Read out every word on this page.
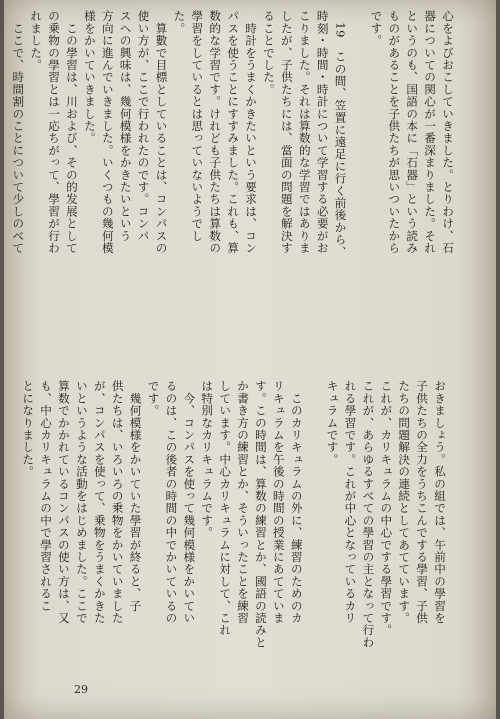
心をよびおこしていきました。とりわけ、石
器についての関心が一番深まりました。それ
というのも、国語の本に「石器」という読み
ものがあることを子供たちが思いついたから
です。

　19　この間、笠置に遠足に行く前後から、
時刻・時間・時計について学習する必要がお
こりました。それは算数的な学習ではありま
したが、子供たちには、當面の問題を解決す
ることでした。
　時計をうまくかきたいという要求は、コン
パスを使うことにすすみました。これも、算
数的な学習です。けれども子供たちは算数の
學習をしているとは思っていないようでし
た。
　算數で目標としていることは、コンパスの
使い方が、ここで行われたのです。コンパ
スへの興味は、幾何模様をかきたいという
方向に進んでいきました。いくつもの幾何模
様をかいていきました。
　この學習は、川および、その的发展として
の乗物の學習とは一応ちがって、學習が行わ
れました。
　ここで、時間割のことについて少しのべて
おきましょう。私の組では、午前中の學習を
子供たちの全力をうちこんでする學習、子供
たちの問題解決の連続としてあてています。
これが、カリキュラムの中心でする學習です。
これが、あらゆるすべての學習の主となって行わ
れる學習です。これが中心となっているカリ
キュラムです。

　このカリキュラムの外に、練習のためのカ
リキュラムを午後の時間の授業にあてていま
す。この時間は、算数の練習とか、國語の読みと
か書き方の練習とか、そういったことを練習
しています。中心カリキュラムに対して、これ
は特別なカリキュラムです。
　今、コンパスを使って幾何模様をかいてい
るのは、この後者の時間の中でかいているの
です。
　幾何模様をかいていた學習が終ると、子
供たちは、いろいろの乗物をかいていました
が、コンパスを使って、乗物をうまくかきた
いというような活動をはじめました。ここで
算数でかかれているコンパスの使い方は、又
も、中心カリキュラムの中で學習されるこ
とになりました。

29
